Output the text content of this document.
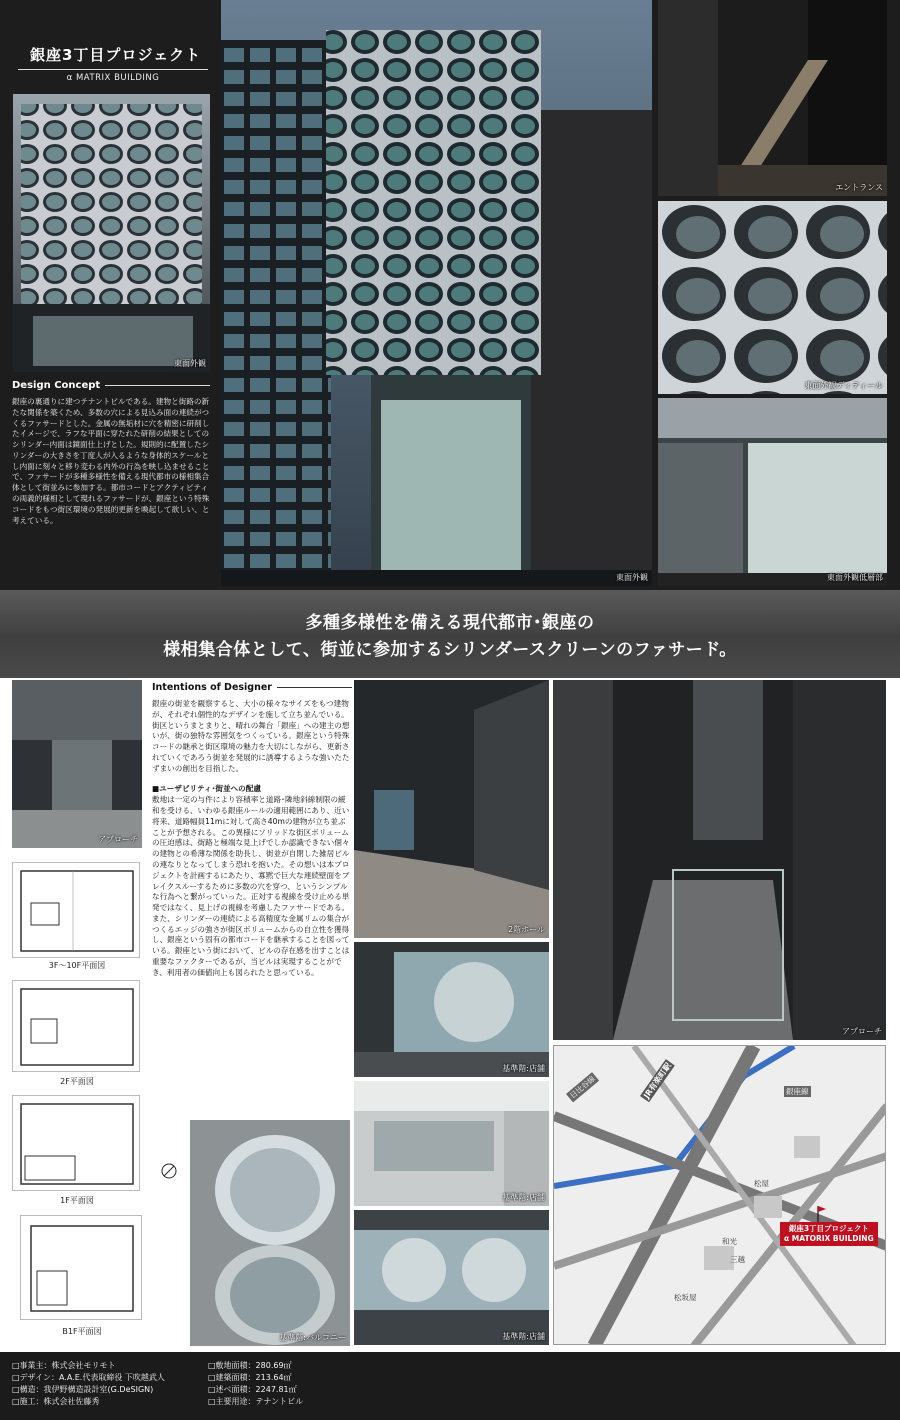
銀座3丁目プロジェクト
α MATRIX BUILDING
東面外観
Design Concept
銀座の裏通りに建つテナントビルである。建物と街路の新たな関係を築くため、多数の穴による見込み面の連続がつくるファサードとした。金属の無垢材に穴を精密に研削したイメージで、ラフな平面に穿たれた研削の結果としてのシリンダー内面は鏡面仕上げとした。規則的に配置したシリンダーの大きさを丁度人が入るような身体的スケールとし内面に刻々と移り変わる内外の行為を映し込ませることで、ファサードが多種多様性を備える現代都市の様相集合体として街並みに参加する。都市コードとアクティビティの両義的様相として現れるファサードが、銀座という特殊コードをもつ街区環境の発展的更新を喚起して欲しい、と考えている。
東面外観
エントランス
東面外観ディティール
東面外観低層部
多種多様性を備える現代都市･銀座の
様相集合体として、街並に参加するシリンダースクリーンのファサード。
アプローチ
3F～10F平面図
2F平面図
1F平面図
B1F平面図
Intentions of Designer
銀座の街並を観察すると、大小の様々なサイズをもつ建物が、それぞれ個性的なデザインを施して立ち並んでいる。街区というまとまりと、晴れの舞台「銀座」への建主の想いが、街の独特な雰囲気をつくっている。銀座という特殊コードの継承と街区環境の魅力を大切にしながら、更新されていくであろう街並を発展的に誘導するような強いたたずまいの創出を目指した。
■ユーザビリティ･街並への配慮
敷地は一定の与件により容積率と道路･隣地斜線制限の緩和を受ける、いわゆる銀座ルールの適用範囲にあり、近い将来、道路幅員11mに対して高さ40mの建物が立ち並ぶことが予想される。この異様にソリッドな街区ボリュームの圧迫感は、街路と極端な見上げでしか認識できない個々の建物との希薄な関係を助長し、街並が自閉した雑居ビルの連なりとなってしまう恐れを抱いた。その想いは本プロジェクトを計画するにあたり、寡黙で巨大な連続壁面をブレイクスルーするために多数の穴を穿つ、というシンプルな行為へと繋がっていった。正対する視線を受け止める単発ではなく、見上げの視線を考慮したファサードである。また、シリンダーの連続による高精度な金属リムの集合がつくるエッジの強さが街区ボリュームからの自立性を獲得し、銀座という固有の都市コードを継承することを図っている。銀座という街において、ビルの存在感を出すことは重要なファクターであるが、当ビルは実現することができ、利用者の価値向上も図られたと思っている。
2階ホール
アプローチ
基準階:店舗
基準階:店舗
基準階:店舗
基準階:バルコニー
JR有楽町駅
日比谷線	銀座線
松屋
三越
松坂屋
和光
銀座3丁目プロジェクト
α MATORIX BUILDING
□事業主：株式会社モリモト
□デザイン：A.A.E.代表取締役 下吹越武人
□構造：我伊野構造設計室(G.DeSIGN)
□施工：株式会社佐藤秀
□敷地面積：280.69㎡
□建築面積：213.64㎡
□述べ面積：2247.81㎡
□主要用途：テナントビル
